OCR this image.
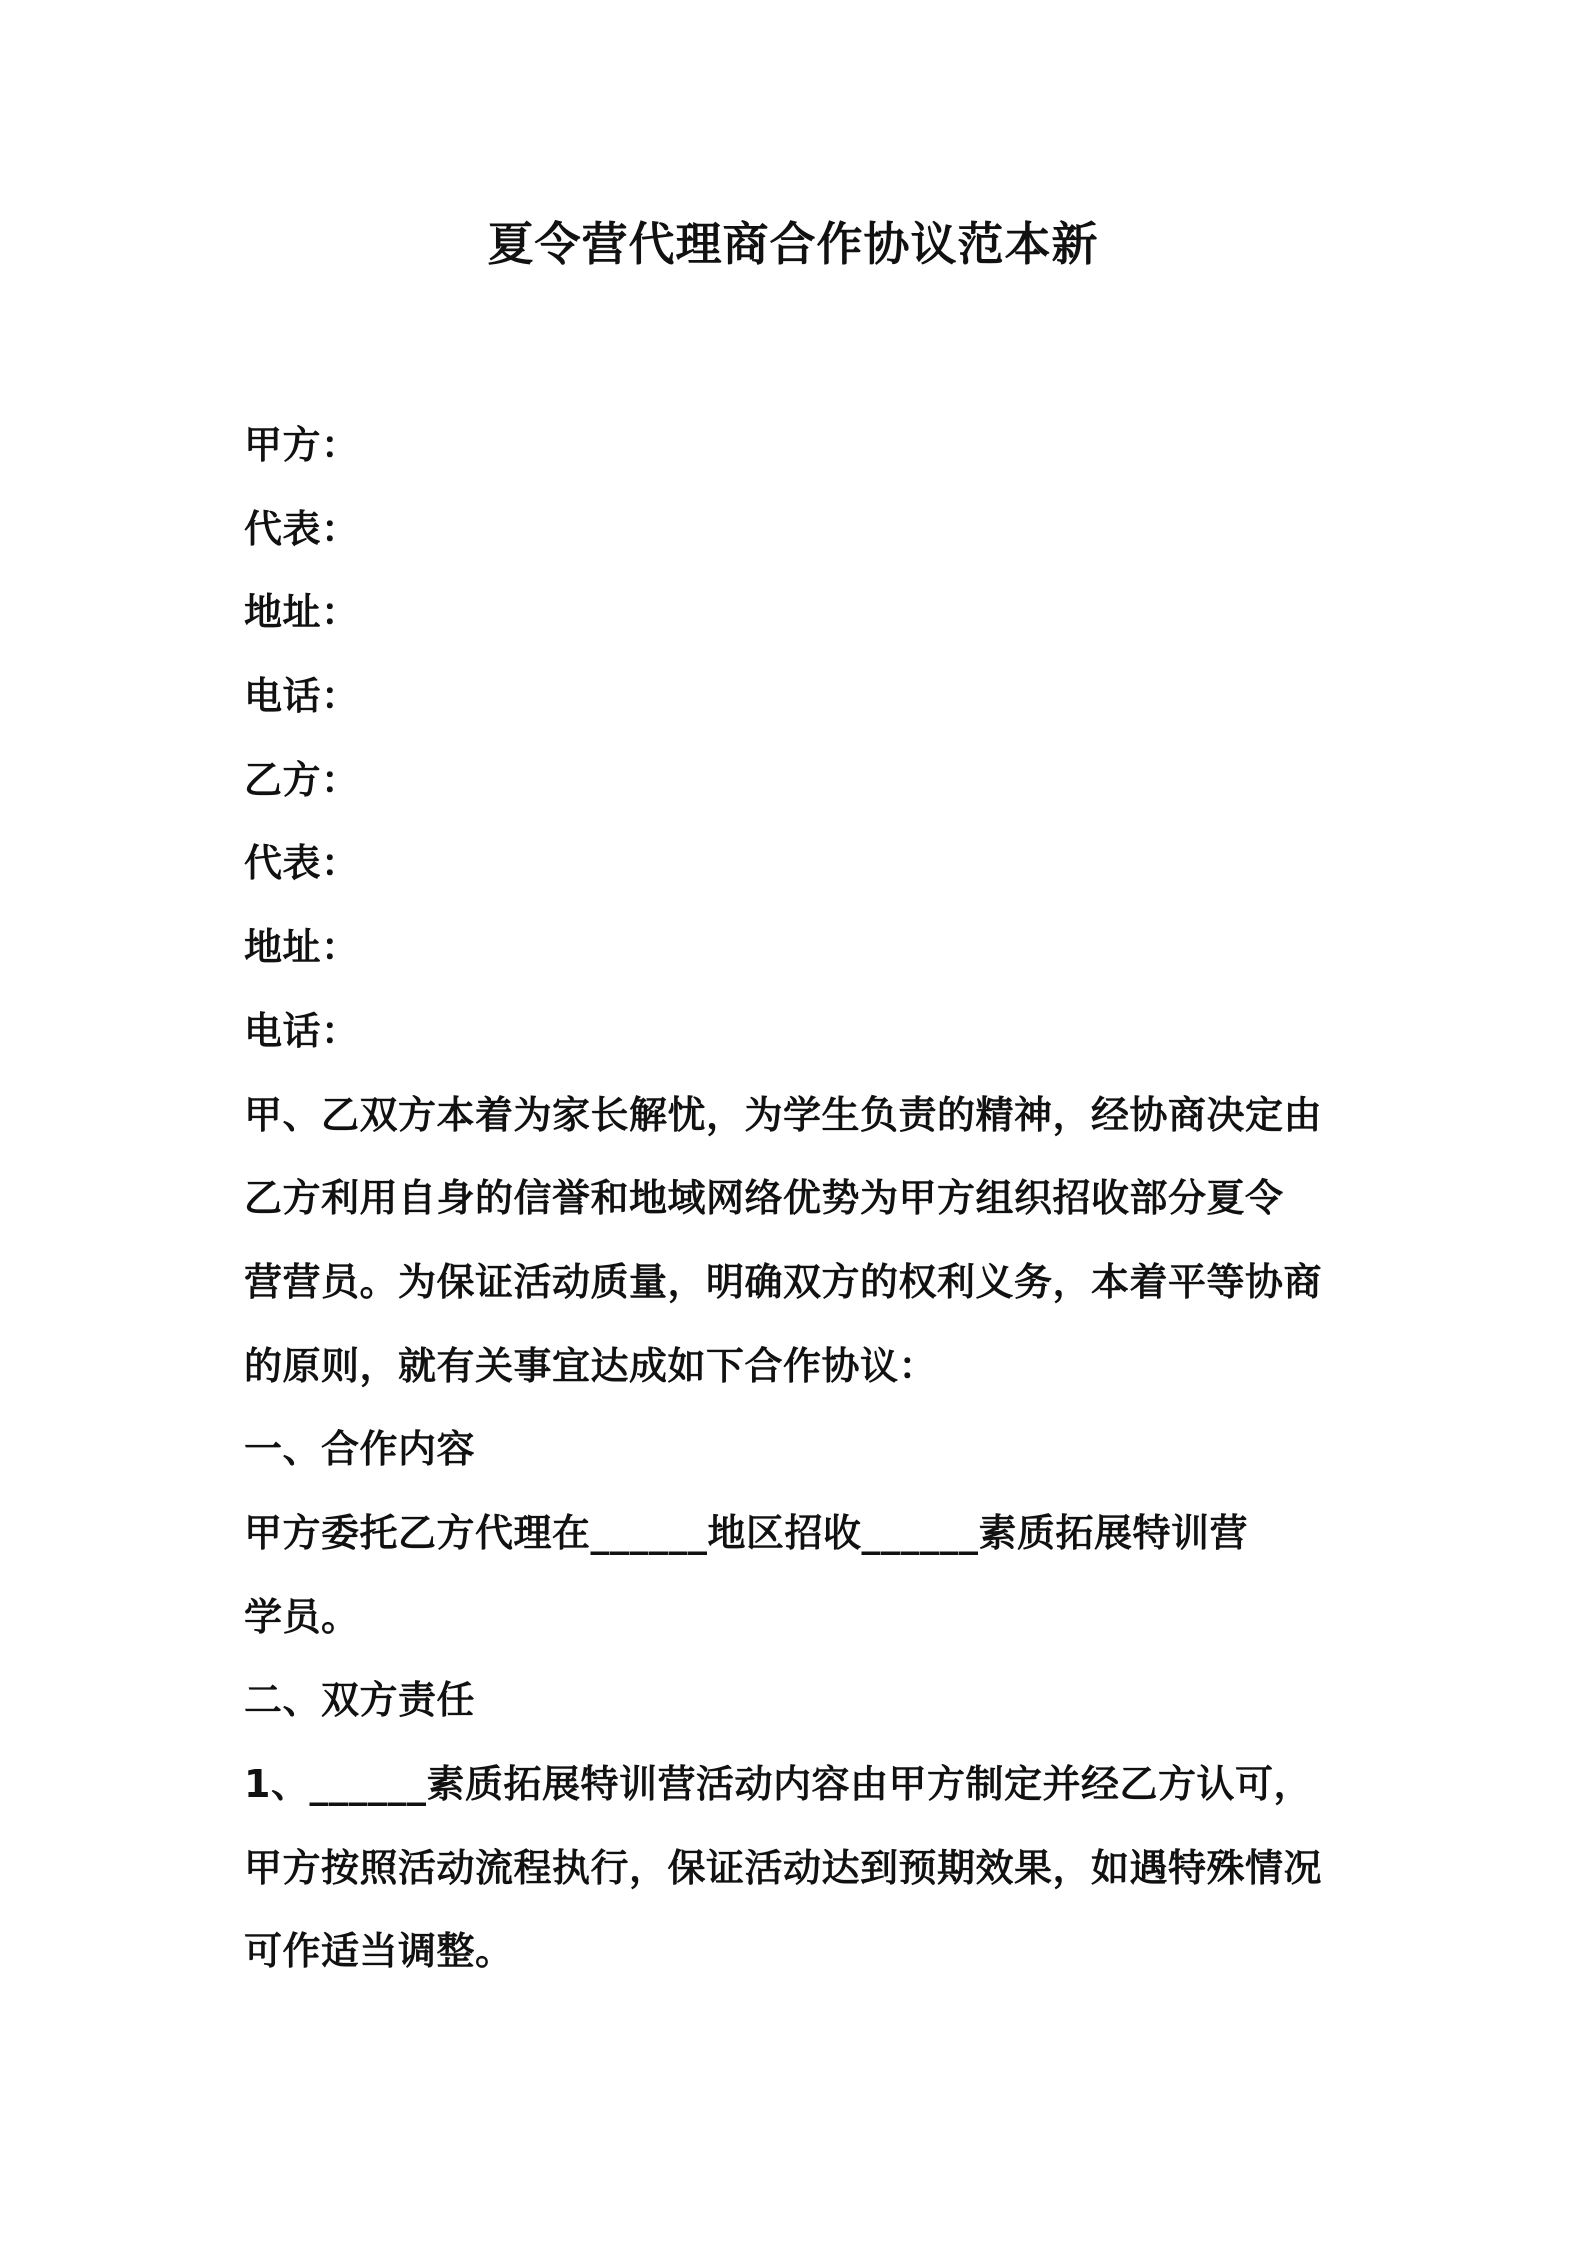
夏令营代理商合作协议范本新
甲方：
代表：
地址：
电话：
乙方：
代表：
地址：
电话：
甲、乙双方本着为家长解忧，为学生负责的精神，经协商决定由
乙方利用自身的信誉和地域网络优势为甲方组织招收部分夏令
营营员。为保证活动质量，明确双方的权利义务，本着平等协商
的原则，就有关事宜达成如下合作协议：
一、合作内容
甲方委托乙方代理在______地区招收______素质拓展特训营
学员。
二、双方责任
1、______素质拓展特训营活动内容由甲方制定并经乙方认可，
甲方按照活动流程执行，保证活动达到预期效果，如遇特殊情况
可作适当调整。
